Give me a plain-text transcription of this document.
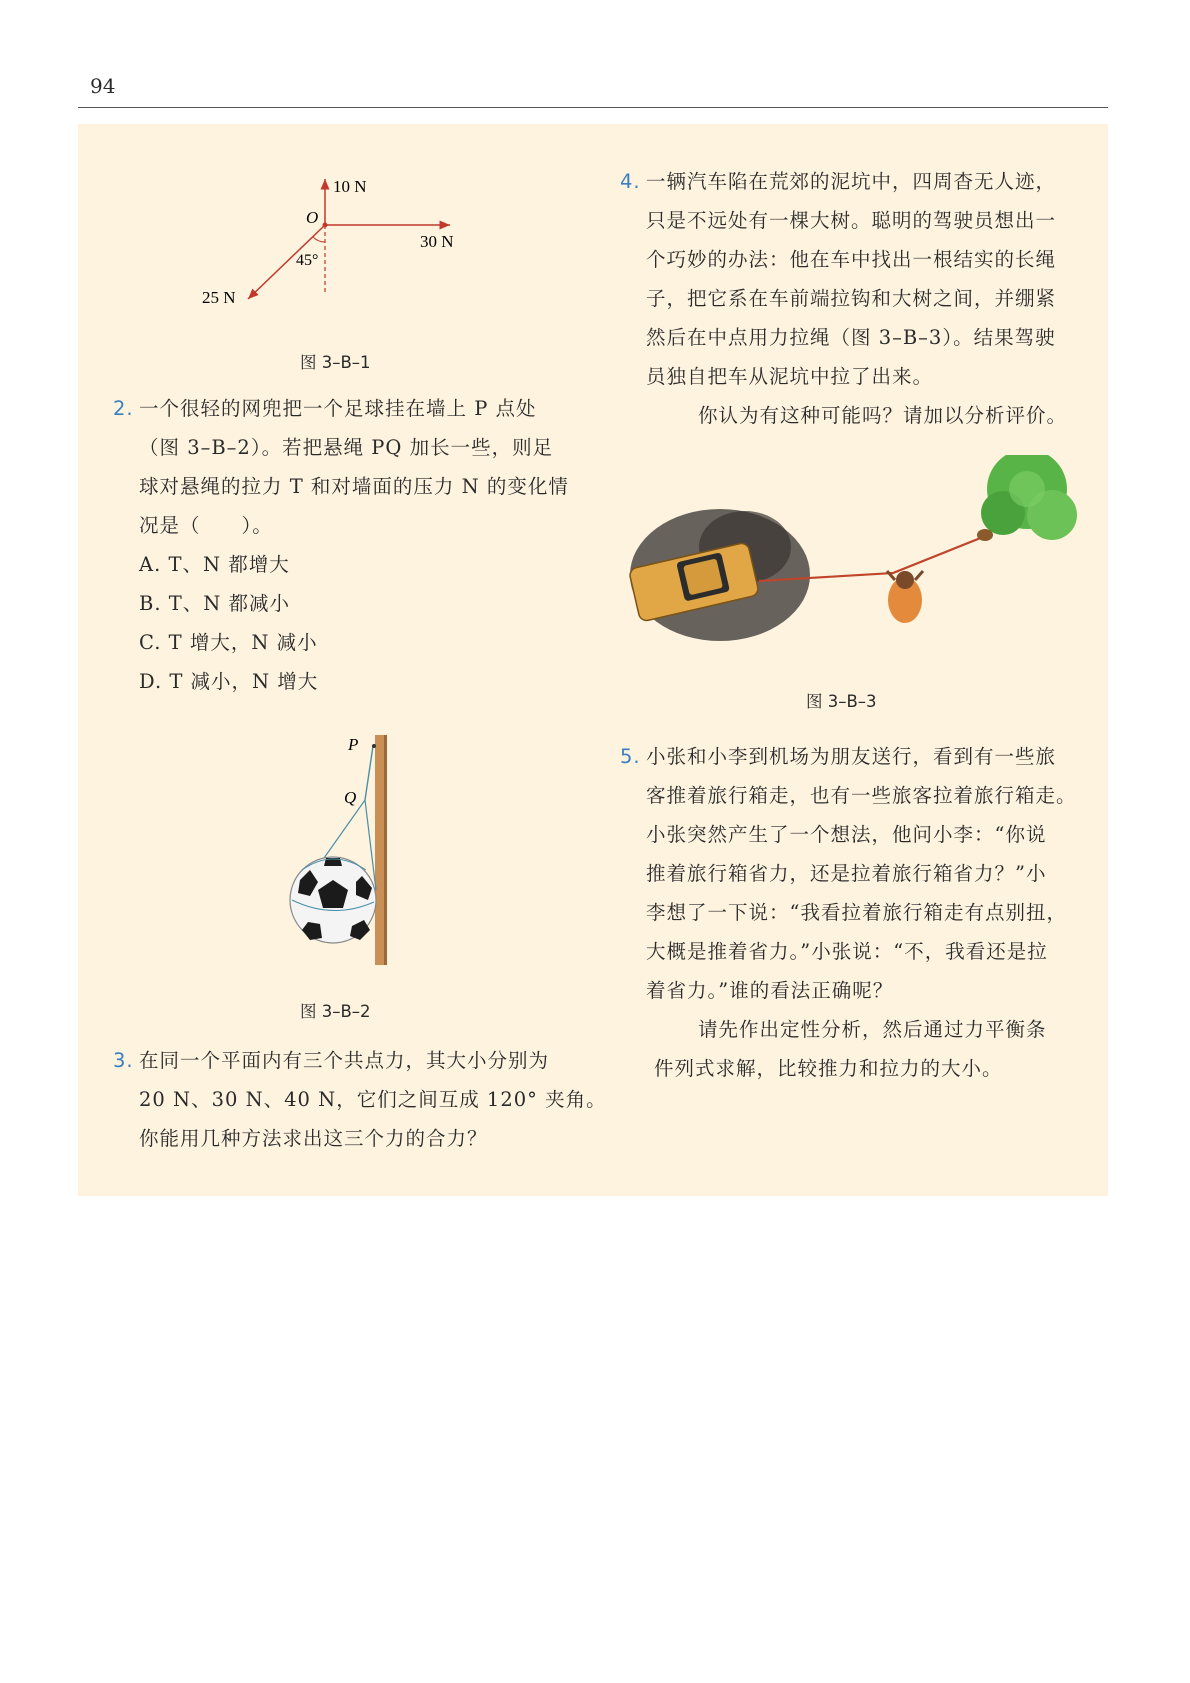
94
10 N
30 N
25 N
O
45°
图 3–B–1
2. 一个很轻的网兜把一个足球挂在墙上 P 点处
（图 3–B–2）。若把悬绳 PQ 加长一些，则足
球对悬绳的拉力 T 和对墙面的压力 N 的变化情
况是（　　）。
A. T、N 都增大
B. T、N 都减小
C. T 增大，N 减小
D. T 减小，N 增大
P
Q
图 3–B–2
3. 在同一个平面内有三个共点力，其大小分别为
20 N、30 N、40 N，它们之间互成 120° 夹角。
你能用几种方法求出这三个力的合力？
4. 一辆汽车陷在荒郊的泥坑中，四周杳无人迹，
只是不远处有一棵大树。聪明的驾驶员想出一
个巧妙的办法：他在车中找出一根结实的长绳
子，把它系在车前端拉钩和大树之间，并绷紧
然后在中点用力拉绳（图 3–B–3）。结果驾驶
员独自把车从泥坑中拉了出来。
你认为有这种可能吗？请加以分析评价。
图 3–B–3
5. 小张和小李到机场为朋友送行，看到有一些旅
客推着旅行箱走，也有一些旅客拉着旅行箱走。
小张突然产生了一个想法，他问小李：“你说
推着旅行箱省力，还是拉着旅行箱省力？”小
李想了一下说：“我看拉着旅行箱走有点别扭，
大概是推着省力。”小张说：“不，我看还是拉
着省力。”谁的看法正确呢？
请先作出定性分析，然后通过力平衡条
件列式求解，比较推力和拉力的大小。
